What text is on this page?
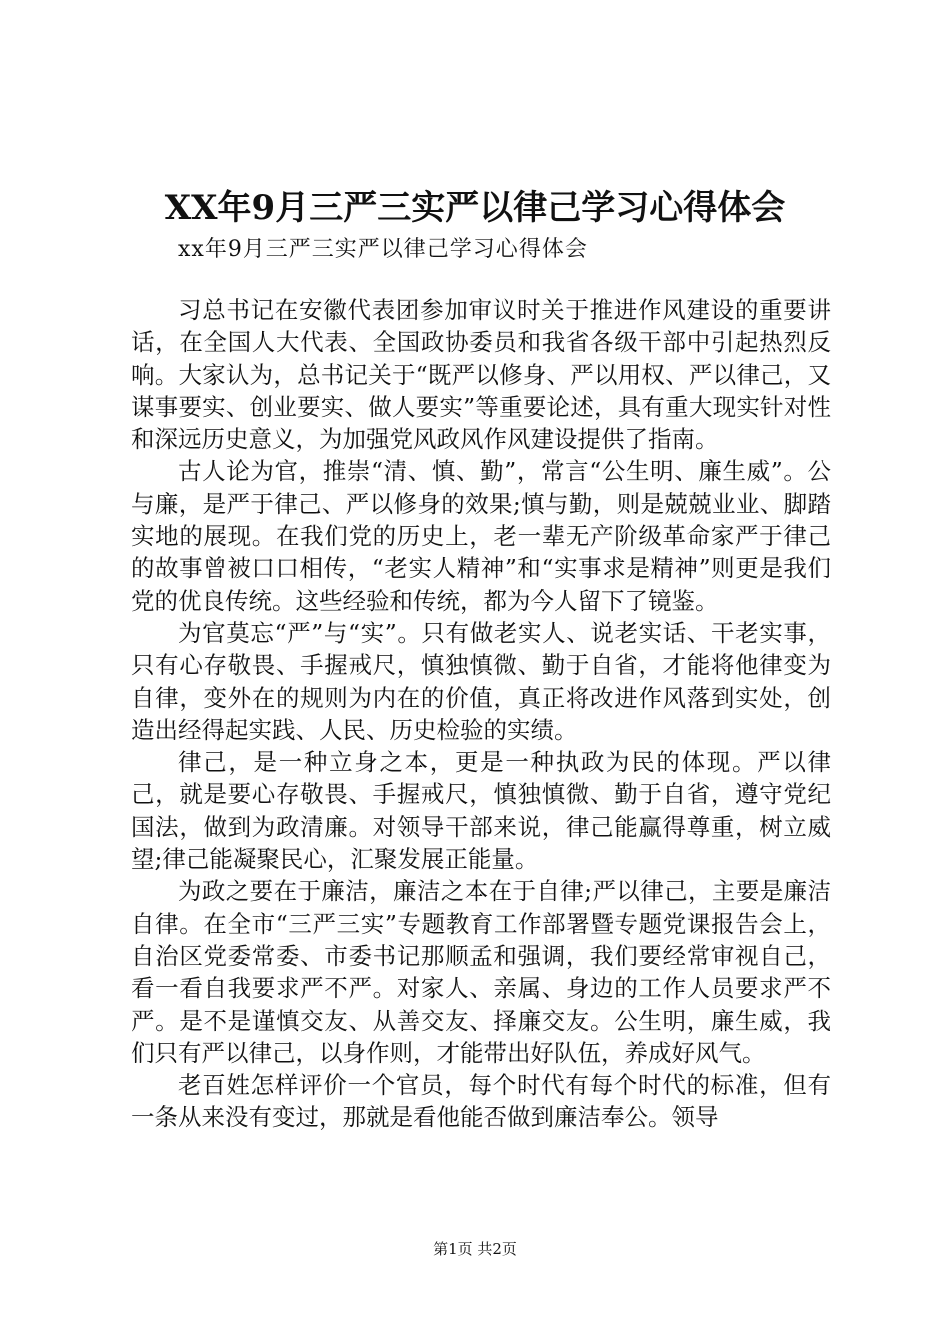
XX年9月三严三实严以律己学习心得体会
xx年9月三严三实严以律己学习心得体会

习总书记在安徽代表团参加审议时关于推进作风建设的重要讲话，在全国人大代表、全国政协委员和我省各级干部中引起热烈反响。大家认为，总书记关于“既严以修身、严以用权、严以律己，又谋事要实、创业要实、做人要实”等重要论述，具有重大现实针对性和深远历史意义，为加强党风政风作风建设提供了指南。

古人论为官，推崇“清、慎、勤”，常言“公生明、廉生威”。公与廉，是严于律己、严以修身的效果;慎与勤，则是兢兢业业、脚踏实地的展现。在我们党的历史上，老一辈无产阶级革命家严于律己的故事曾被口口相传，“老实人精神”和“实事求是精神”则更是我们党的优良传统。这些经验和传统，都为今人留下了镜鉴。

为官莫忘“严”与“实”。只有做老实人、说老实话、干老实事，只有心存敬畏、手握戒尺，慎独慎微、勤于自省，才能将他律变为自律，变外在的规则为内在的价值，真正将改进作风落到实处，创造出经得起实践、人民、历史检验的实绩。

律己，是一种立身之本，更是一种执政为民的体现。严以律己，就是要心存敬畏、手握戒尺，慎独慎微、勤于自省，遵守党纪国法，做到为政清廉。对领导干部来说，律己能赢得尊重，树立威望;律己能凝聚民心，汇聚发展正能量。

为政之要在于廉洁，廉洁之本在于自律;严以律己，主要是廉洁自律。在全市“三严三实”专题教育工作部署暨专题党课报告会上，自治区党委常委、市委书记那顺孟和强调，我们要经常审视自己，看一看自我要求严不严。对家人、亲属、身边的工作人员要求严不严。是不是谨慎交友、从善交友、择廉交友。公生明，廉生威，我们只有严以律己，以身作则，才能带出好队伍，养成好风气。

老百姓怎样评价一个官员，每个时代有每个时代的标准，但有一条从来没有变过，那就是看他能否做到廉洁奉公。领导

第1页 共2页
